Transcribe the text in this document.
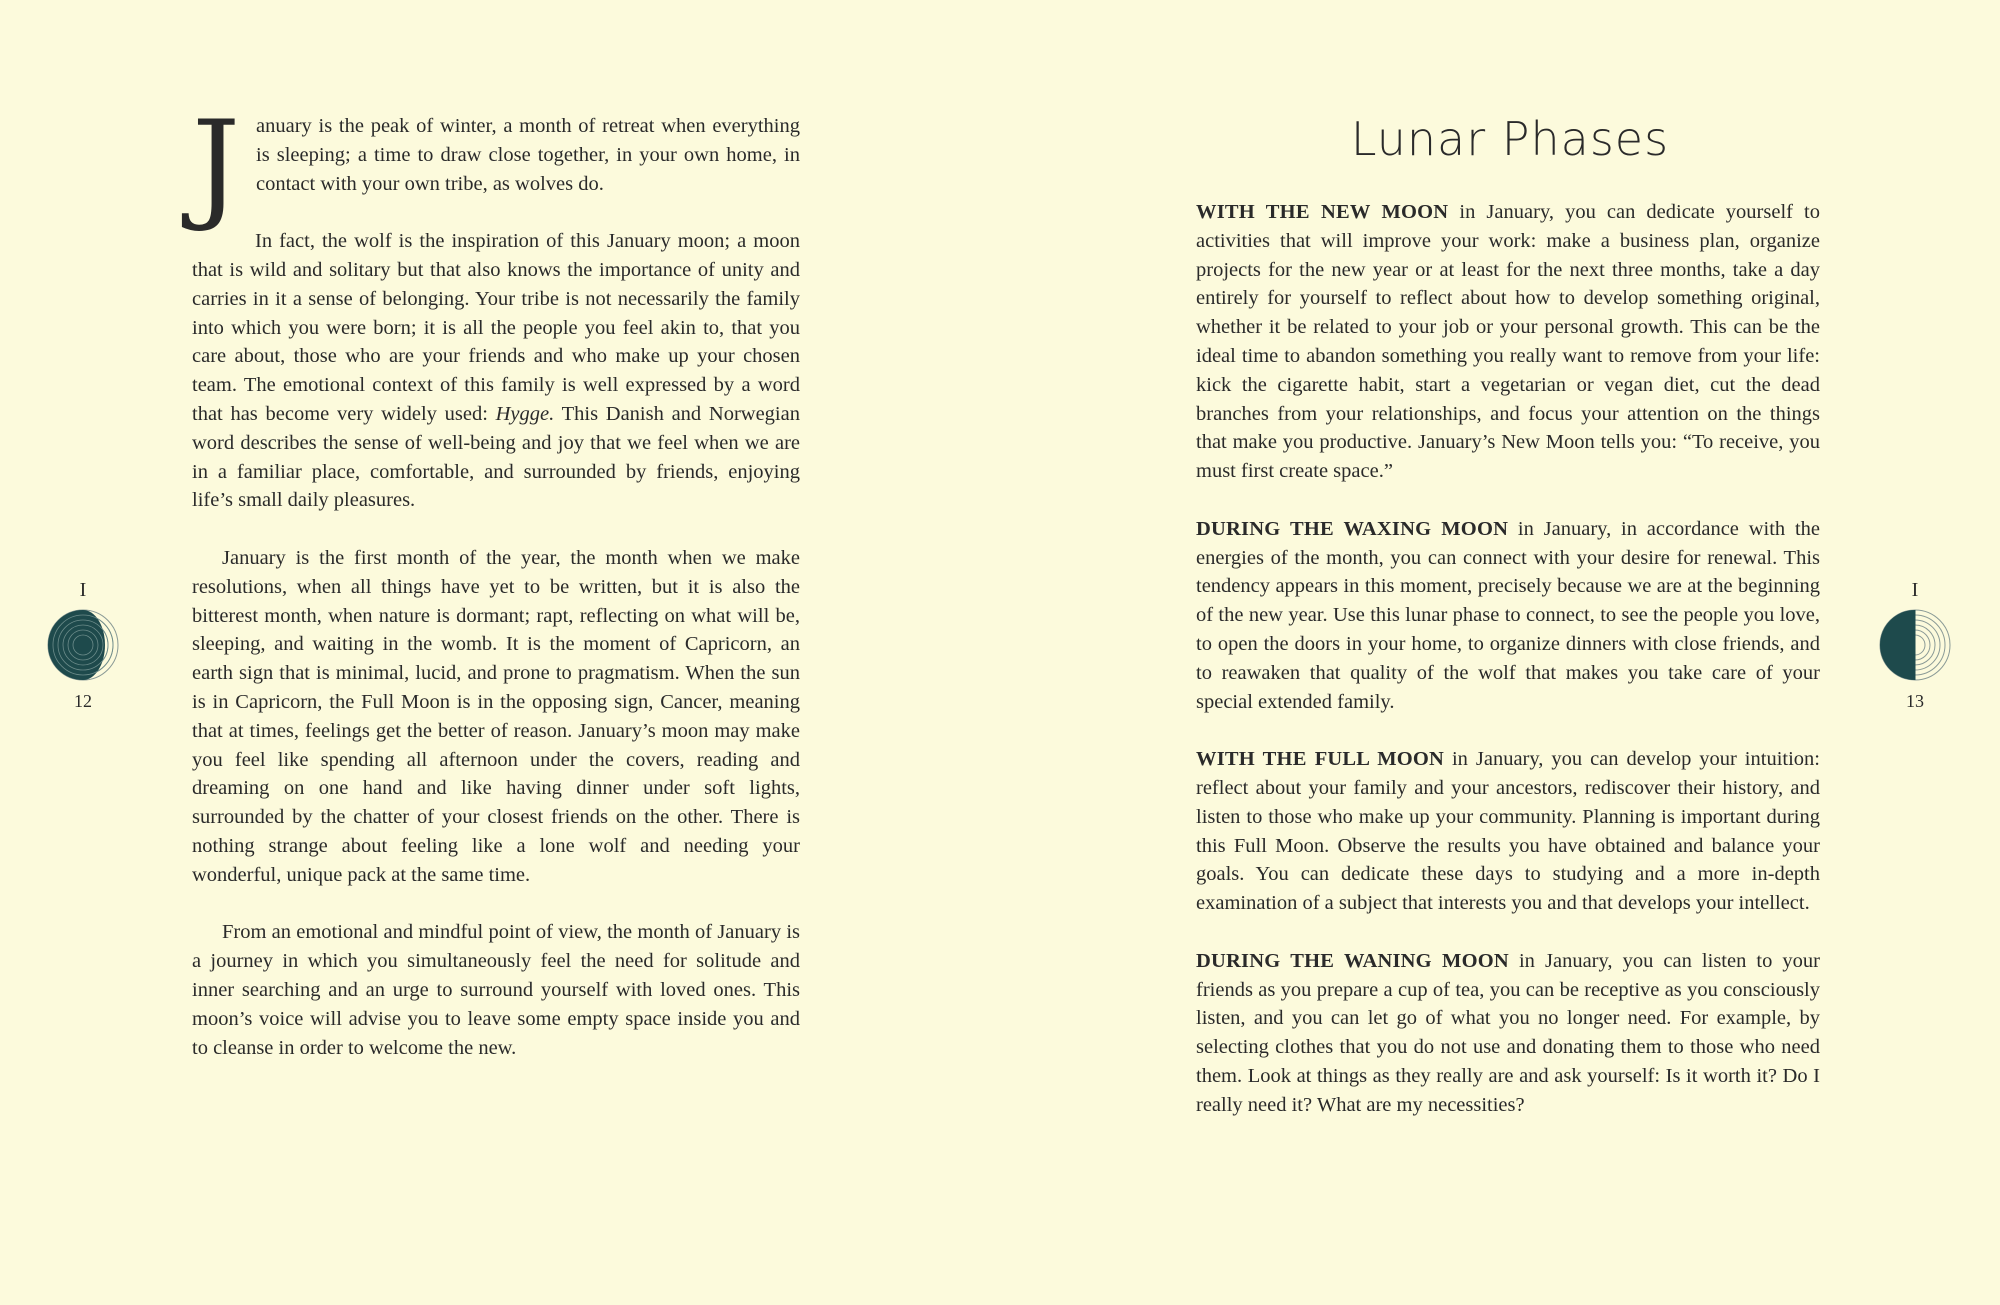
January is the peak of winter, a month of retreat when everything is sleeping; a time to draw close together, in your own home, in contact with your own tribe, as wolves do.

In fact, the wolf is the inspiration of this January moon; a moon that is wild and solitary but that also knows the importance of unity and carries in it a sense of belonging. Your tribe is not necessarily the family into which you were born; it is all the people you feel akin to, that you care about, those who are your friends and who make up your chosen team. The emotional context of this family is well expressed by a word that has become very widely used: Hygge. This Danish and Norwegian word describes the sense of well-being and joy that we feel when we are in a familiar place, comfortable, and surrounded by friends, enjoying life’s small daily pleasures.

January is the first month of the year, the month when we make resolutions, when all things have yet to be written, but it is also the bitterest month, when nature is dormant; rapt, reflecting on what will be, sleeping, and waiting in the womb. It is the moment of Capricorn, an earth sign that is minimal, lucid, and prone to pragmatism. When the sun is in Capricorn, the Full Moon is in the opposing sign, Cancer, meaning that at times, feelings get the better of reason. January’s moon may make you feel like spending all afternoon under the covers, reading and dreaming on one hand and like having dinner under soft lights, surrounded by the chatter of your closest friends on the other. There is nothing strange about feeling like a lone wolf and needing your wonderful, unique pack at the same time.

From an emotional and mindful point of view, the month of January is a journey in which you simultaneously feel the need for solitude and inner searching and an urge to surround yourself with loved ones. This moon’s voice will advise you to leave some empty space inside you and to cleanse in order to welcome the new.

I
12
Lunar Phases

WITH THE NEW MOON in January, you can dedicate yourself to activities that will improve your work: make a business plan, organize projects for the new year or at least for the next three months, take a day entirely for yourself to reflect about how to develop something original, whether it be related to your job or your personal growth. This can be the ideal time to abandon something you really want to remove from your life: kick the cigarette habit, start a vegetarian or vegan diet, cut the dead branches from your relationships, and focus your attention on the things that make you productive. January’s New Moon tells you: “To receive, you must first create space.”

DURING THE WAXING MOON in January, in accordance with the energies of the month, you can connect with your desire for renewal. This tendency appears in this moment, precisely because we are at the beginning of the new year. Use this lunar phase to connect, to see the people you love, to open the doors in your home, to organize dinners with close friends, and to reawaken that quality of the wolf that makes you take care of your special extended family.

WITH THE FULL MOON in January, you can develop your intuition: reflect about your family and your ancestors, rediscover their history, and listen to those who make up your community. Planning is important during this Full Moon. Observe the results you have obtained and balance your goals. You can dedicate these days to studying and a more in-depth examination of a subject that interests you and that develops your intellect.

DURING THE WANING MOON in January, you can listen to your friends as you prepare a cup of tea, you can be receptive as you consciously listen, and you can let go of what you no longer need. For example, by selecting clothes that you do not use and donating them to those who need them. Look at things as they really are and ask yourself: Is it worth it? Do I really need it? What are my necessities?

I
13
